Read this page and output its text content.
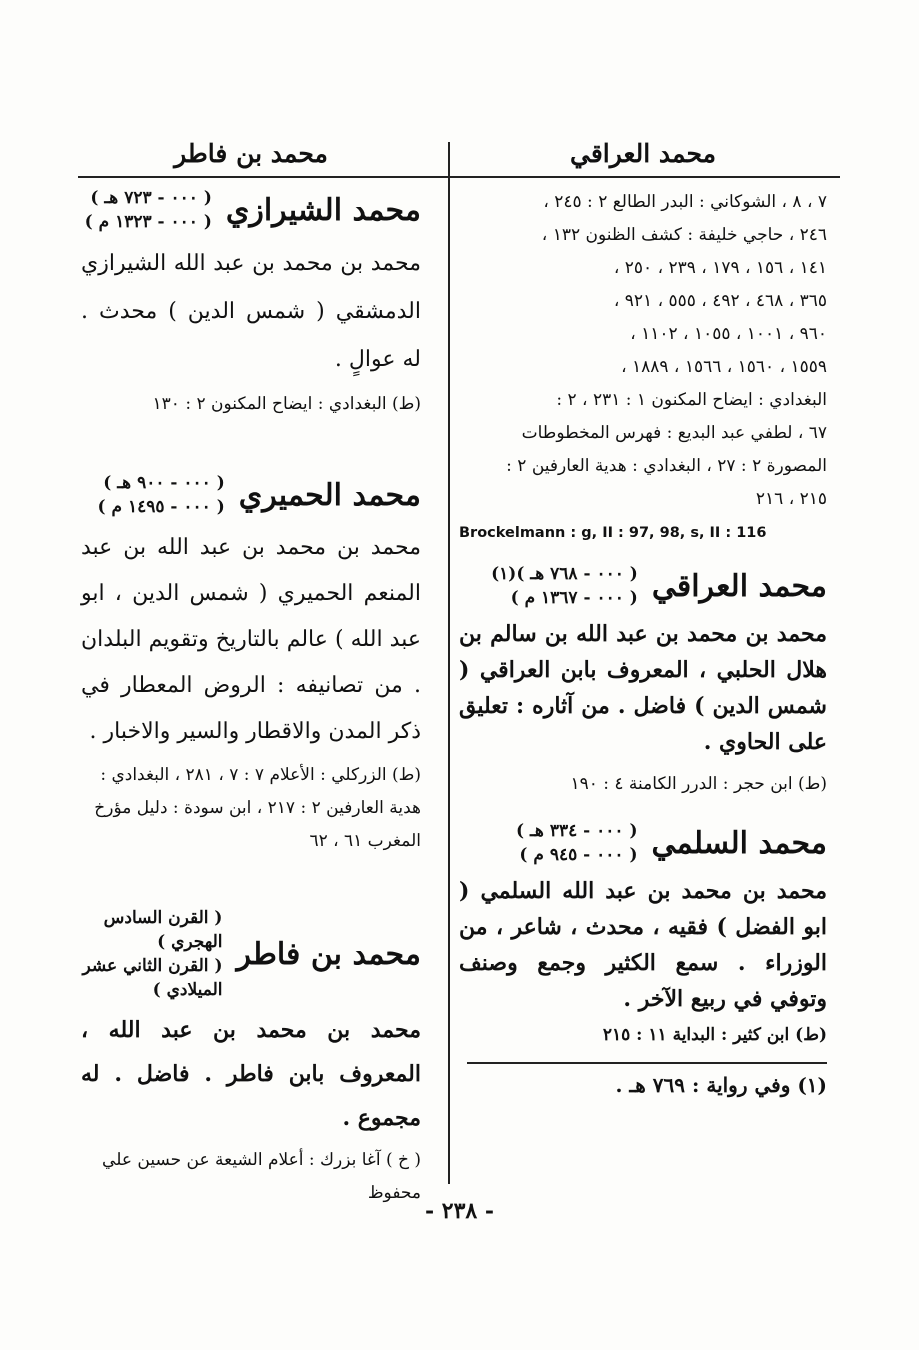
محمد العراقي
٧ ، ٨ ، الشوكاني : البدر الطالع ٢ : ٢٤٥ ،
٢٤٦ ، حاجي خليفة : كشف الظنون ١٣٢ ،
١٤١ ، ١٥٦ ، ١٧٩ ، ٢٣٩ ، ٢٥٠ ،
٣٦٥ ، ٤٦٨ ، ٤٩٢ ، ٥٥٥ ، ٩٢١ ،
٩٦٠ ، ١٠٠١ ، ١٠٥٥ ، ١١٠٢ ،
١٥٥٩ ، ١٥٦٠ ، ١٥٦٦ ، ١٨٨٩ ،
البغدادي : ايضاح المكنون ١ : ٢٣١ ، ٢ :
٦٧ ، لطفي عبد البديع : فهرس المخطوطات
المصورة ٢ : ٢٧ ، البغدادي : هدية العارفين ٢ :
٢١٥ ، ٢١٦
Brockelmann : g, II : 97, 98, s, II : 116
محمد العراقي
( ٠٠٠ - ٧٦٨ هـ )(١)
( ٠٠٠ - ١٣٦٧ م )

محمد بن محمد بن عبد الله بن سالم بن هلال الحلبي ، المعروف بابن العراقي ( شمس الدين ) فاضل . من آثاره : تعليق على الحاوي .

(ط) ابن حجر : الدرر الكامنة ٤ : ١٩٠
محمد السلمي
( ٠٠٠ - ٣٣٤ هـ )
( ٠٠٠ - ٩٤٥ م )

محمد بن محمد بن عبد الله السلمي ( ابو الفضل ) فقيه ، محدث ، شاعر ، من الوزراء . سمع الكثير وجمع وصنف وتوفي في ربيع الآخر .

(ط) ابن كثير : البداية ١١ : ٢١٥
(١) وفي رواية : ٧٦٩ هـ .
محمد بن فاطر
محمد الشيرازي
( ٠٠٠ - ٧٢٣ هـ )
( ٠٠٠ - ١٣٢٣ م )

محمد بن محمد بن عبد الله الشيرازي الدمشقي ( شمس الدين ) محدث . له عوالٍ .

(ط) البغدادي : ايضاح المكنون ٢ : ١٣٠
محمد الحميري
( ٠٠٠ - ٩٠٠ هـ )
( ٠٠٠ - ١٤٩٥ م )

محمد بن محمد بن عبد الله بن عبد المنعم الحميري ( شمس الدين ، ابو عبد الله ) عالم بالتاريخ وتقويم البلدان . من تصانيفه : الروض المعطار في ذكر المدن والاقطار والسير والاخبار .

(ط) الزركلي : الأعلام ٧ : ٧ ، ٢٨١ ، البغدادي : هدية العارفين ٢ : ٢١٧ ، ابن سودة : دليل مؤرخ المغرب ٦١ ، ٦٢
محمد بن فاطر
( القرن السادس الهجري )
( القرن الثاني عشر الميلادي )

محمد بن محمد بن عبد الله ، المعروف بابن فاطر . فاضل . له مجموع .

( خ ) آغا بزرك : أعلام الشيعة عن حسين علي محفوظ
- ٢٣٨ -
